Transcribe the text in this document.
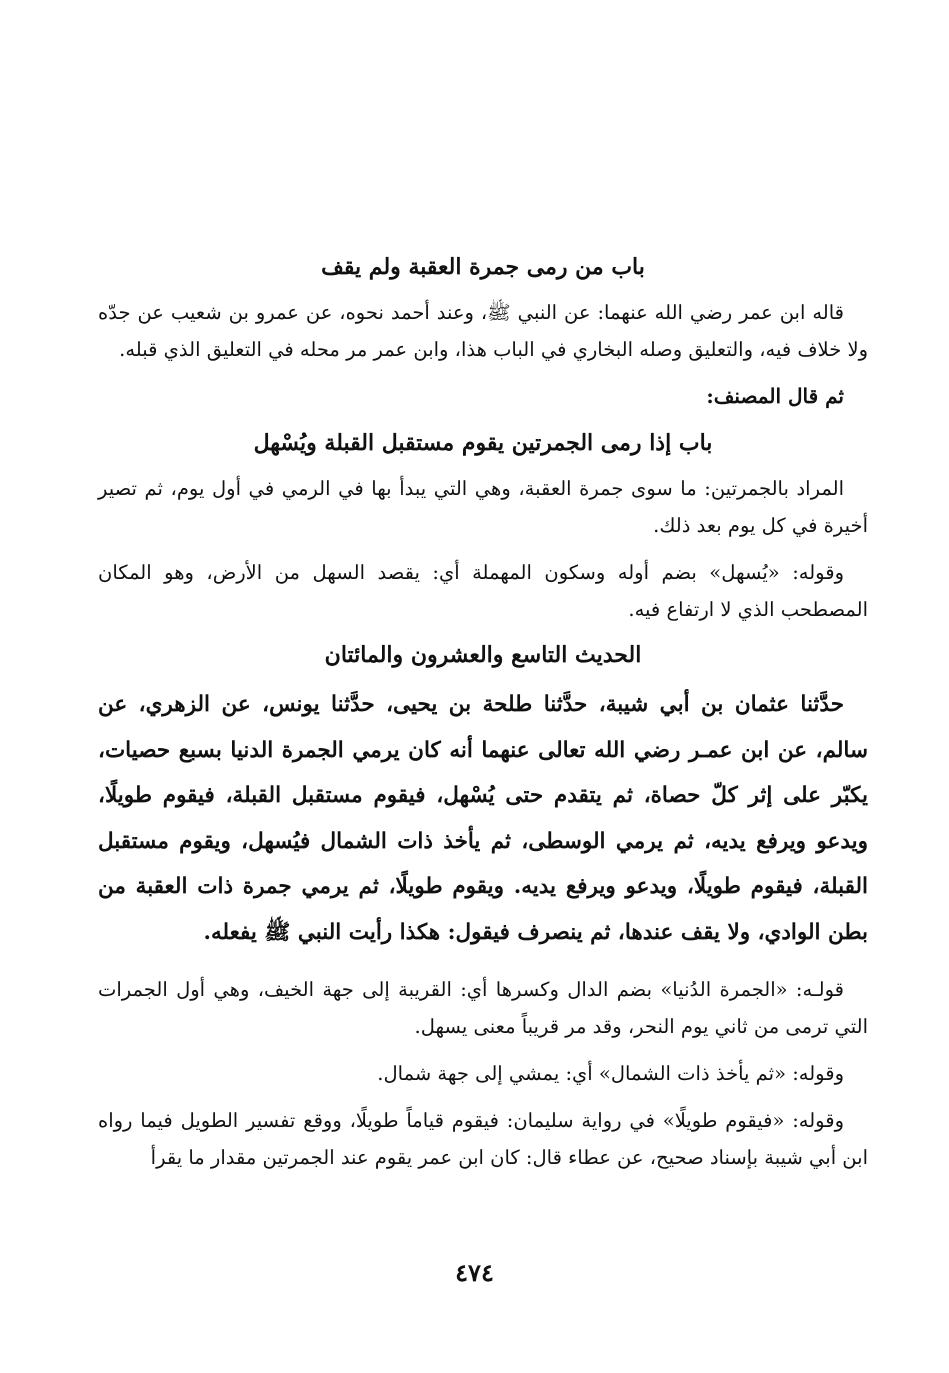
باب من رمى جمرة العقبة ولم يقف
قاله ابن عمر رضي الله عنهما: عن النبي ﷺ، وعند أحمد نحوه، عن عمرو بن شعيب عن جدّه ولا خلاف فيه، والتعليق وصله البخاري في الباب هذا، وابن عمر مر محله في التعليق الذي قبله.
ثم قال المصنف:
باب إذا رمى الجمرتين يقوم مستقبل القبلة ويُسْهل
المراد بالجمرتين: ما سوى جمرة العقبة، وهي التي يبدأ بها في الرمي في أول يوم، ثم تصير أخيرة في كل يوم بعد ذلك.
وقوله: «يُسهل» بضم أوله وسكون المهملة أي: يقصد السهل من الأرض، وهو المكان المصطحب الذي لا ارتفاع فيه.
الحديث التاسع والعشرون والمائتان
حدَّثنا عثمان بن أبي شيبة، حدَّثنا طلحة بن يحيى، حدَّثنا يونس، عن الزهري، عن سالم، عن ابن عمـر رضي الله تعالى عنهما أنه كان يرمي الجمرة الدنيا بسبع حصيات، يكبّر على إثر كلّ حصاة، ثم يتقدم حتى يُسْهل، فيقوم مستقبل القبلة، فيقوم طويلًا، ويدعو ويرفع يديه، ثم يرمي الوسطى، ثم يأخذ ذات الشمال فيُسهل، ويقوم مستقبل القبلة، فيقوم طويلًا، ويدعو ويرفع يديه. ويقوم طويلًا، ثم يرمي جمرة ذات العقبة من بطن الوادي، ولا يقف عندها، ثم ينصرف فيقول: هكذا رأيت النبي ﷺ يفعله.
قولـه: «الجمرة الدُنيا» بضم الدال وكسرها أي: القريبة إلى جهة الخيف، وهي أول الجمرات التي ترمى من ثاني يوم النحر، وقد مر قريباً معنى يسهل.
وقوله: «ثم يأخذ ذات الشمال» أي: يمشي إلى جهة شمال.
وقوله: «فيقوم طويلًا» في رواية سليمان: فيقوم قياماً طويلًا، ووقع تفسير الطويل فيما رواه ابن أبي شيبة بإسناد صحيح، عن عطاء قال: كان ابن عمر يقوم عند الجمرتين مقدار ما يقرأ
٤٧٤
